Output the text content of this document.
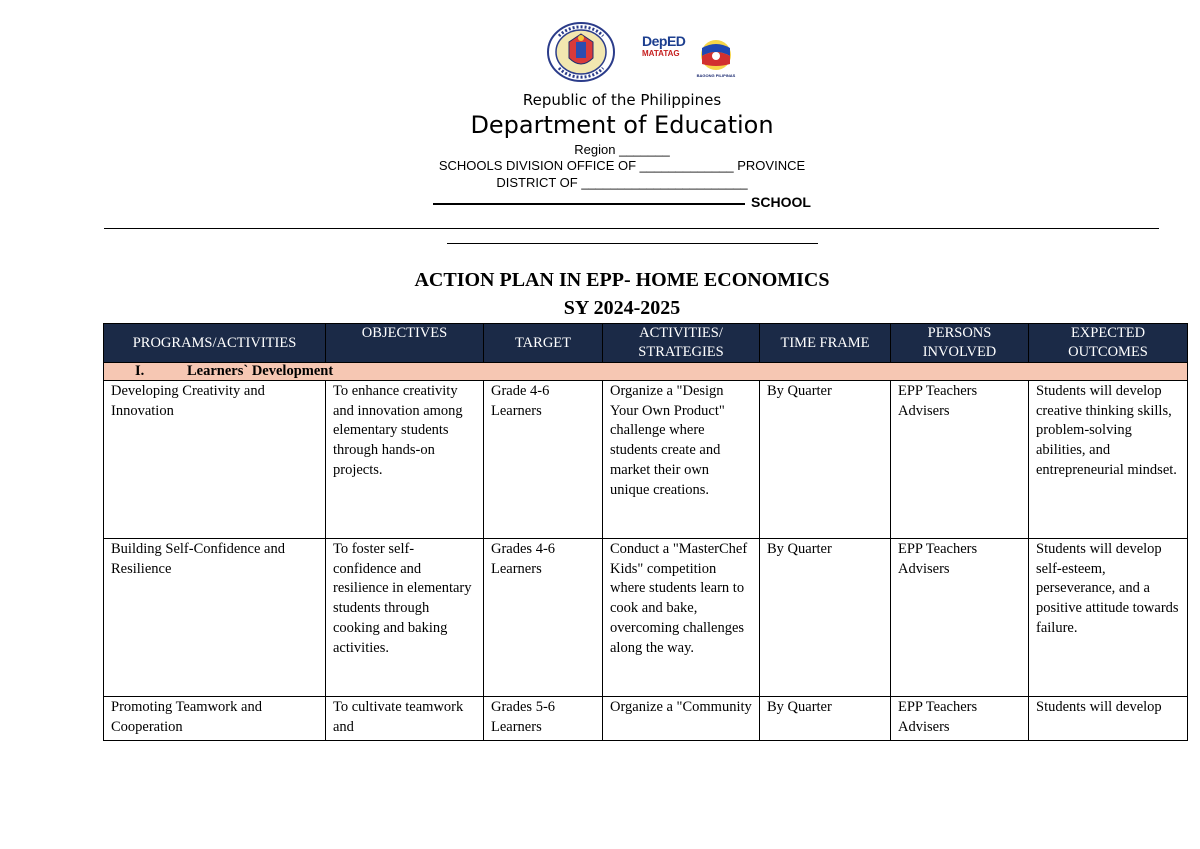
DepED
MATATAG
BAGONG PILIPINAS
Republic of the Philippines
Department of Education
Region _______
SCHOOLS DIVISION OFFICE OF _____________ PROVINCE
DISTRICT OF _______________________
SCHOOL
ACTION PLAN IN EPP- HOME ECONOMICS
SY 2024-2025
PROGRAMS/ACTIVITIES	OBJECTIVES	TARGET	ACTIVITIES/ STRATEGIES	TIME FRAME	PERSONS INVOLVED	EXPECTED OUTCOMES
I. Learners` Development						
Developing Creativity and Innovation	To enhance creativity and innovation among elementary students through hands-on projects.	Grade 4-6 Learners	Organize a "Design Your Own Product" challenge where students create and market their own unique creations.	By Quarter	EPP Teachers Advisers	Students will develop creative thinking skills, problem-solving abilities, and entrepreneurial mindset.
Building Self-Confidence and Resilience	To foster self-confidence and resilience in elementary students through cooking and baking activities.	Grades 4-6 Learners	Conduct a "MasterChef Kids" competition where students learn to cook and bake, overcoming challenges along the way.	By Quarter	EPP Teachers Advisers	Students will develop self-esteem, perseverance, and a positive attitude towards failure.
Promoting Teamwork and Cooperation	To cultivate teamwork and	Grades 5-6 Learners	Organize a "Community	By Quarter	EPP Teachers Advisers	Students will develop
